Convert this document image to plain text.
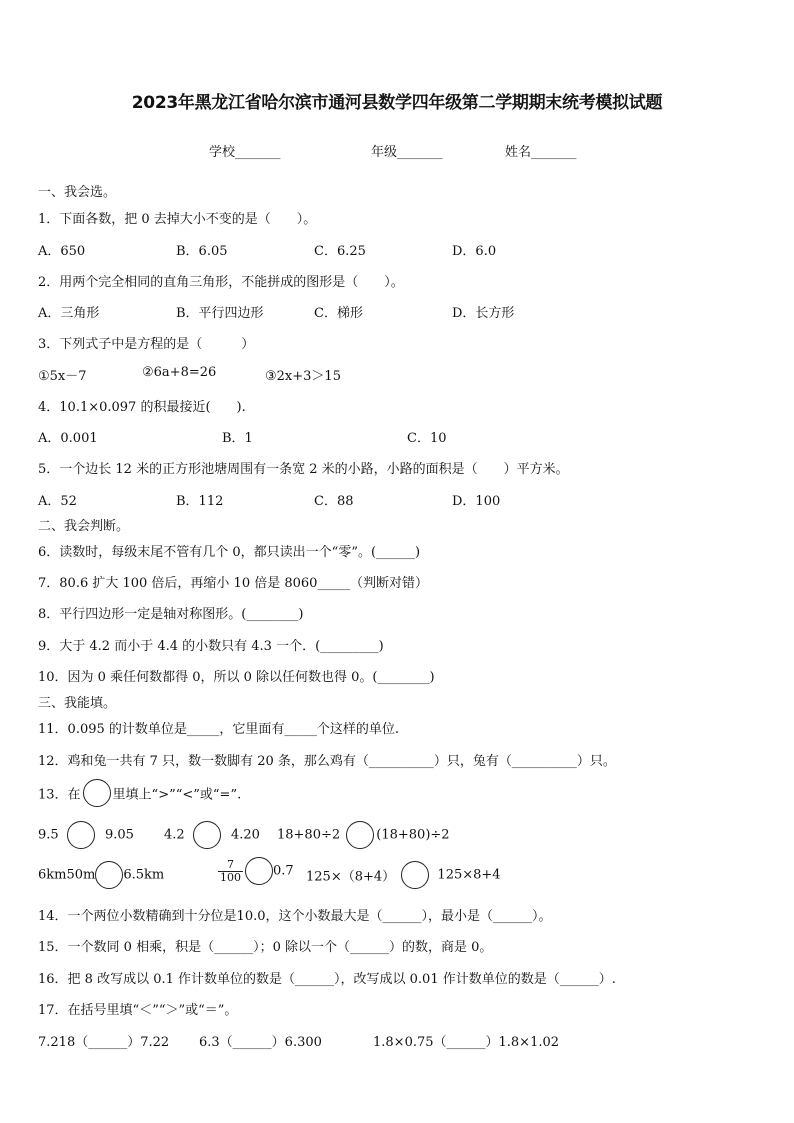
2023年黑龙江省哈尔滨市通河县数学四年级第二学期期末统考模拟试题
学校_______	年级_______	姓名_______
一、我会选。
1．下面各数，把 0 去掉大小不变的是（　　）。
A．650	B．6.05	C．6.25	D．6.0
2．用两个完全相同的直角三角形，不能拼成的图形是（　　）。
A．三角形	B．平行四边形	C．梯形	D．长方形
3．下列式子中是方程的是（　　　）
①5x－7	②6a+8=26	③2x+3＞15
4．10.1×0.097 的积最接近(　　).
A．0.001	B．1	C．10
5．一个边长 12 米的正方形池塘周围有一条宽 2 米的小路，小路的面积是（　　）平方米。
A．52	B．112	C．88	D．100
二、我会判断。
6．读数时，每级末尾不管有几个 0，都只读出一个“零”。(______)
7．80.6 扩大 100 倍后，再缩小 10 倍是 8060_____（判断对错）
8．平行四边形一定是轴对称图形。(________)
9．大于 4.2 而小于 4.4 的小数只有 4.3 一个．(_________)
10．因为 0 乘任何数都得 0，所以 0 除以任何数也得 0。(________)
三、我能填。
11．0.095 的计数单位是_____，它里面有_____个这样的单位.
12．鸡和兔一共有 7 只，数一数脚有 20 条，那么鸡有（__________）只，兔有（__________）只。
13．在 里填上“>”“<”或“=”.
9.5	9.05 4.2	4.20 18+80÷2	(18+80)÷2
6km50m 6.5km	$\frac{7}{100} 0.7$ 125×（8+4）	125×8+4
14．一个两位小数精确到十分位是10.0，这个小数最大是（______），最小是（______）。
15．一个数同 0 相乘，积是（______）；0 除以一个（______）的数，商是 0。
16．把 8 改写成以 0.1 作计数单位的数是（______），改写成以 0.01 作计数单位的数是（______）.
17．在括号里填“＜”“＞”或“＝”。
7.218（______）7.22 6.3（______）6.300	1.8×0.75（______）1.8×1.02
